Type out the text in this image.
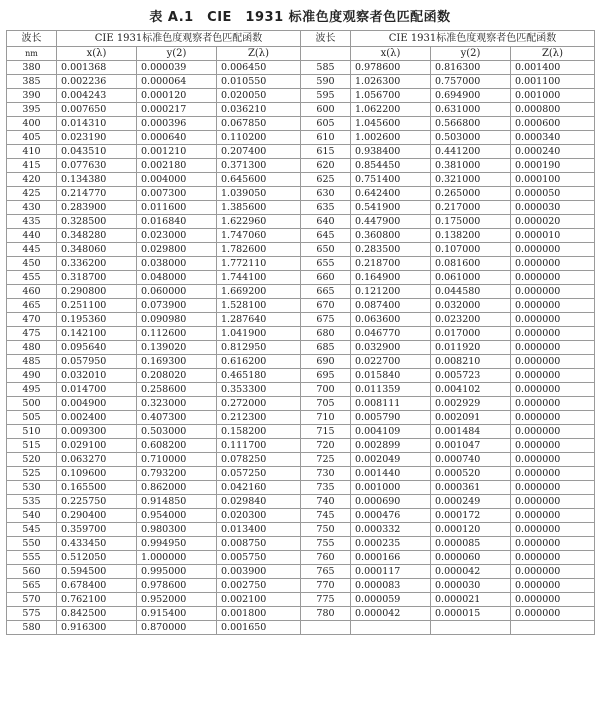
表 A.1　CIE　1931 标准色度观察者色匹配函数
波长	CIE 1931标准色度观察者色匹配函数			波长	CIE 1931标准色度观察者色匹配函数		
nm	x(λ)	y(2)	Z(λ)		x(λ)	y(2)	Z(λ)
380	0.001368	0.000039	0.006450	585	0.978600	0.816300	0.001400
385	0.002236	0.000064	0.010550	590	1.026300	0.757000	0.001100
390	0.004243	0.000120	0.020050	595	1.056700	0.694900	0.001000
395	0.007650	0.000217	0.036210	600	1.062200	0.631000	0.000800
400	0.014310	0.000396	0.067850	605	1.045600	0.566800	0.000600
405	0.023190	0.000640	0.110200	610	1.002600	0.503000	0.000340
410	0.043510	0.001210	0.207400	615	0.938400	0.441200	0.000240
415	0.077630	0.002180	0.371300	620	0.854450	0.381000	0.000190
420	0.134380	0.004000	0.645600	625	0.751400	0.321000	0.000100
425	0.214770	0.007300	1.039050	630	0.642400	0.265000	0.000050
430	0.283900	0.011600	1.385600	635	0.541900	0.217000	0.000030
435	0.328500	0.016840	1.622960	640	0.447900	0.175000	0.000020
440	0.348280	0.023000	1.747060	645	0.360800	0.138200	0.000010
445	0.348060	0.029800	1.782600	650	0.283500	0.107000	0.000000
450	0.336200	0.038000	1.772110	655	0.218700	0.081600	0.000000
455	0.318700	0.048000	1.744100	660	0.164900	0.061000	0.000000
460	0.290800	0.060000	1.669200	665	0.121200	0.044580	0.000000
465	0.251100	0.073900	1.528100	670	0.087400	0.032000	0.000000
470	0.195360	0.090980	1.287640	675	0.063600	0.023200	0.000000
475	0.142100	0.112600	1.041900	680	0.046770	0.017000	0.000000
480	0.095640	0.139020	0.812950	685	0.032900	0.011920	0.000000
485	0.057950	0.169300	0.616200	690	0.022700	0.008210	0.000000
490	0.032010	0.208020	0.465180	695	0.015840	0.005723	0.000000
495	0.014700	0.258600	0.353300	700	0.011359	0.004102	0.000000
500	0.004900	0.323000	0.272000	705	0.008111	0.002929	0.000000
505	0.002400	0.407300	0.212300	710	0.005790	0.002091	0.000000
510	0.009300	0.503000	0.158200	715	0.004109	0.001484	0.000000
515	0.029100	0.608200	0.111700	720	0.002899	0.001047	0.000000
520	0.063270	0.710000	0.078250	725	0.002049	0.000740	0.000000
525	0.109600	0.793200	0.057250	730	0.001440	0.000520	0.000000
530	0.165500	0.862000	0.042160	735	0.001000	0.000361	0.000000
535	0.225750	0.914850	0.029840	740	0.000690	0.000249	0.000000
540	0.290400	0.954000	0.020300	745	0.000476	0.000172	0.000000
545	0.359700	0.980300	0.013400	750	0.000332	0.000120	0.000000
550	0.433450	0.994950	0.008750	755	0.000235	0.000085	0.000000
555	0.512050	1.000000	0.005750	760	0.000166	0.000060	0.000000
560	0.594500	0.995000	0.003900	765	0.000117	0.000042	0.000000
565	0.678400	0.978600	0.002750	770	0.000083	0.000030	0.000000
570	0.762100	0.952000	0.002100	775	0.000059	0.000021	0.000000
575	0.842500	0.915400	0.001800	780	0.000042	0.000015	0.000000
580	0.916300	0.870000	0.001650				
